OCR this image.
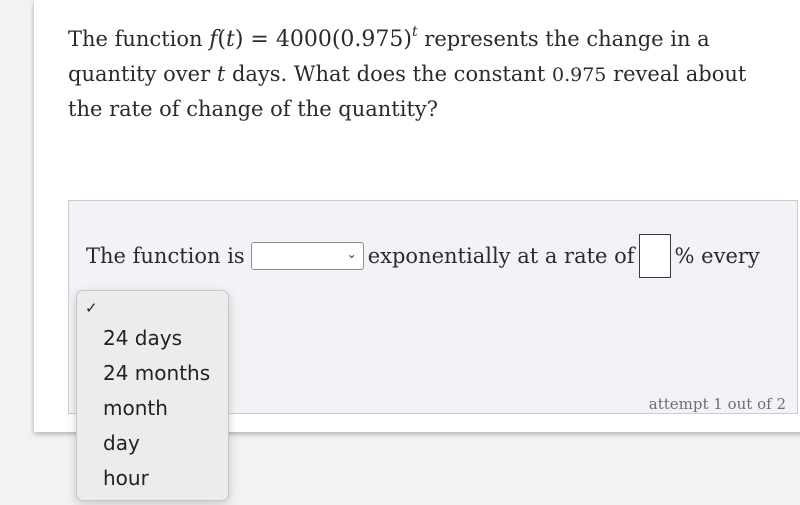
The function $f(t) = 4000(0.975)^t$ represents the change in a quantity over t days. What does the constant 0.975 reveal about the rate of change of the quantity?
The function is	⌄ exponentially at a rate of % every
attempt 1 out of 2
✓
24 days
24 months
month
day
hour
